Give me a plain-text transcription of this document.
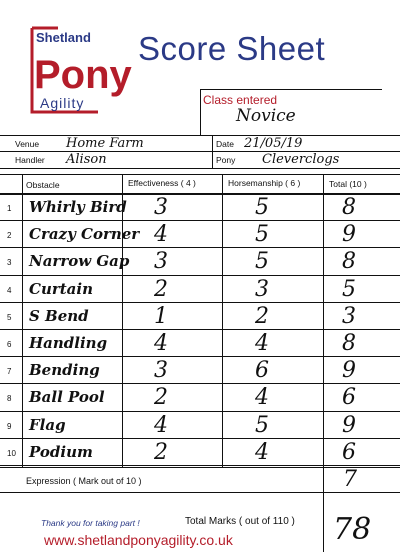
Shetland
Pony
Agility
Score Sheet
Class entered
Novice
Venue Home Farm	Date 21/05/19
Handler Alison	Pony Cleverclogs
Obstacle	Effectiveness ( 4 )	Horsemanship ( 6 )	Total (10 )
1 Whirly Bird 3	5	8
2 Crazy Corner 4	5	9
3 Narrow Gap 3	5	8
4 Curtain	2	3	5
5 S Bend	1	2	3
6 Handling 4	4	8
7 Bending 3	6	9
8 Ball Pool 2	4	6
9 Flag	4	5	9
10 Podium	2	4	6
Expression ( Mark out of 10 )	7
Thank you for taking part !	Total Marks ( out of 110 ) 78
www.shetlandponyagility.co.uk
